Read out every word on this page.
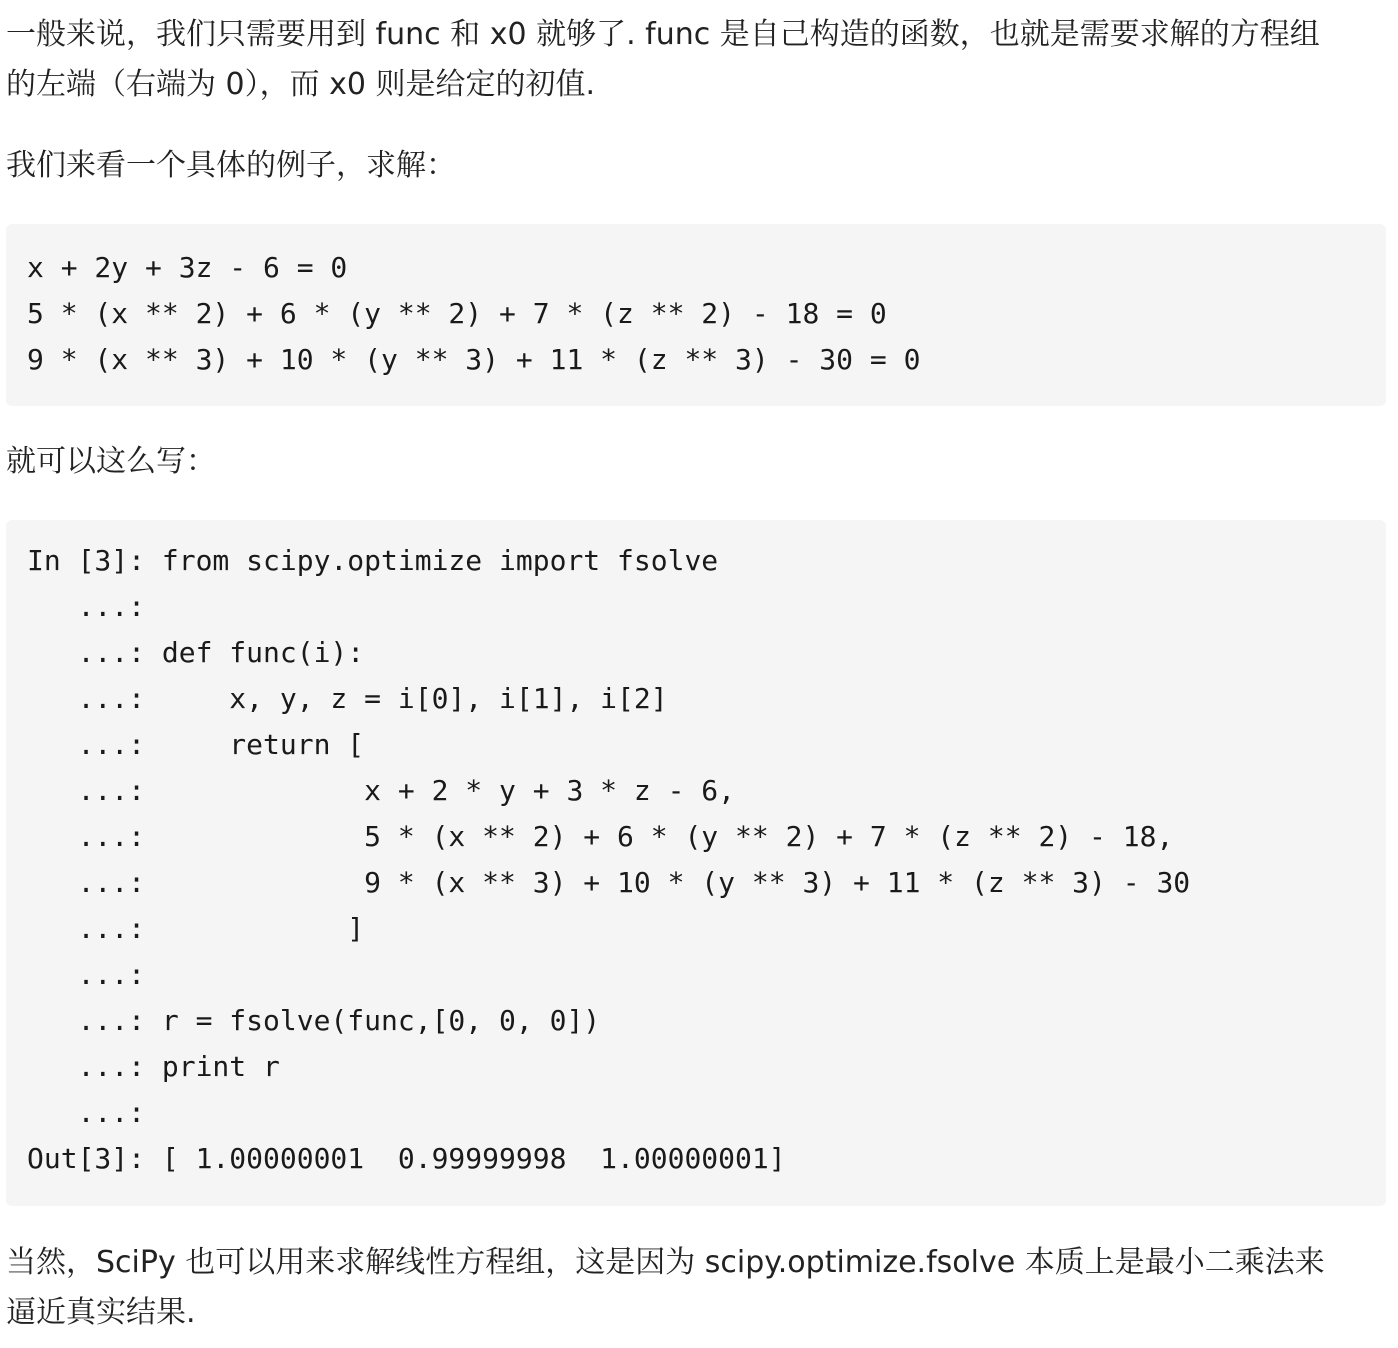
一般来说，我们只需要用到 func 和 x0 就够了. func 是自己构造的函数，也就是需要求解的方程组
的左端（右端为 0），而 x0 则是给定的初值.

我们来看一个具体的例子，求解：

x + 2y + 3z - 6 = 0
5 * (x ** 2) + 6 * (y ** 2) + 7 * (z ** 2) - 18 = 0
9 * (x ** 3) + 10 * (y ** 3) + 11 * (z ** 3) - 30 = 0

就可以这么写：

In [3]: from scipy.optimize import fsolve
...:
...: def func(i):
...:     x, y, z = i[0], i[1], i[2]
...:     return [
...:             x + 2 * y + 3 * z - 6,
...:             5 * (x ** 2) + 6 * (y ** 2) + 7 * (z ** 2) - 18,
...:             9 * (x ** 3) + 10 * (y ** 3) + 11 * (z ** 3) - 30
...:            ]
...:
...: r = fsolve(func,[0, 0, 0])
...: print r
...:
Out[3]: [ 1.00000001  0.99999998  1.00000001]

当然，SciPy 也可以用来求解线性方程组，这是因为 scipy.optimize.fsolve 本质上是最小二乘法来
逼近真实结果.
